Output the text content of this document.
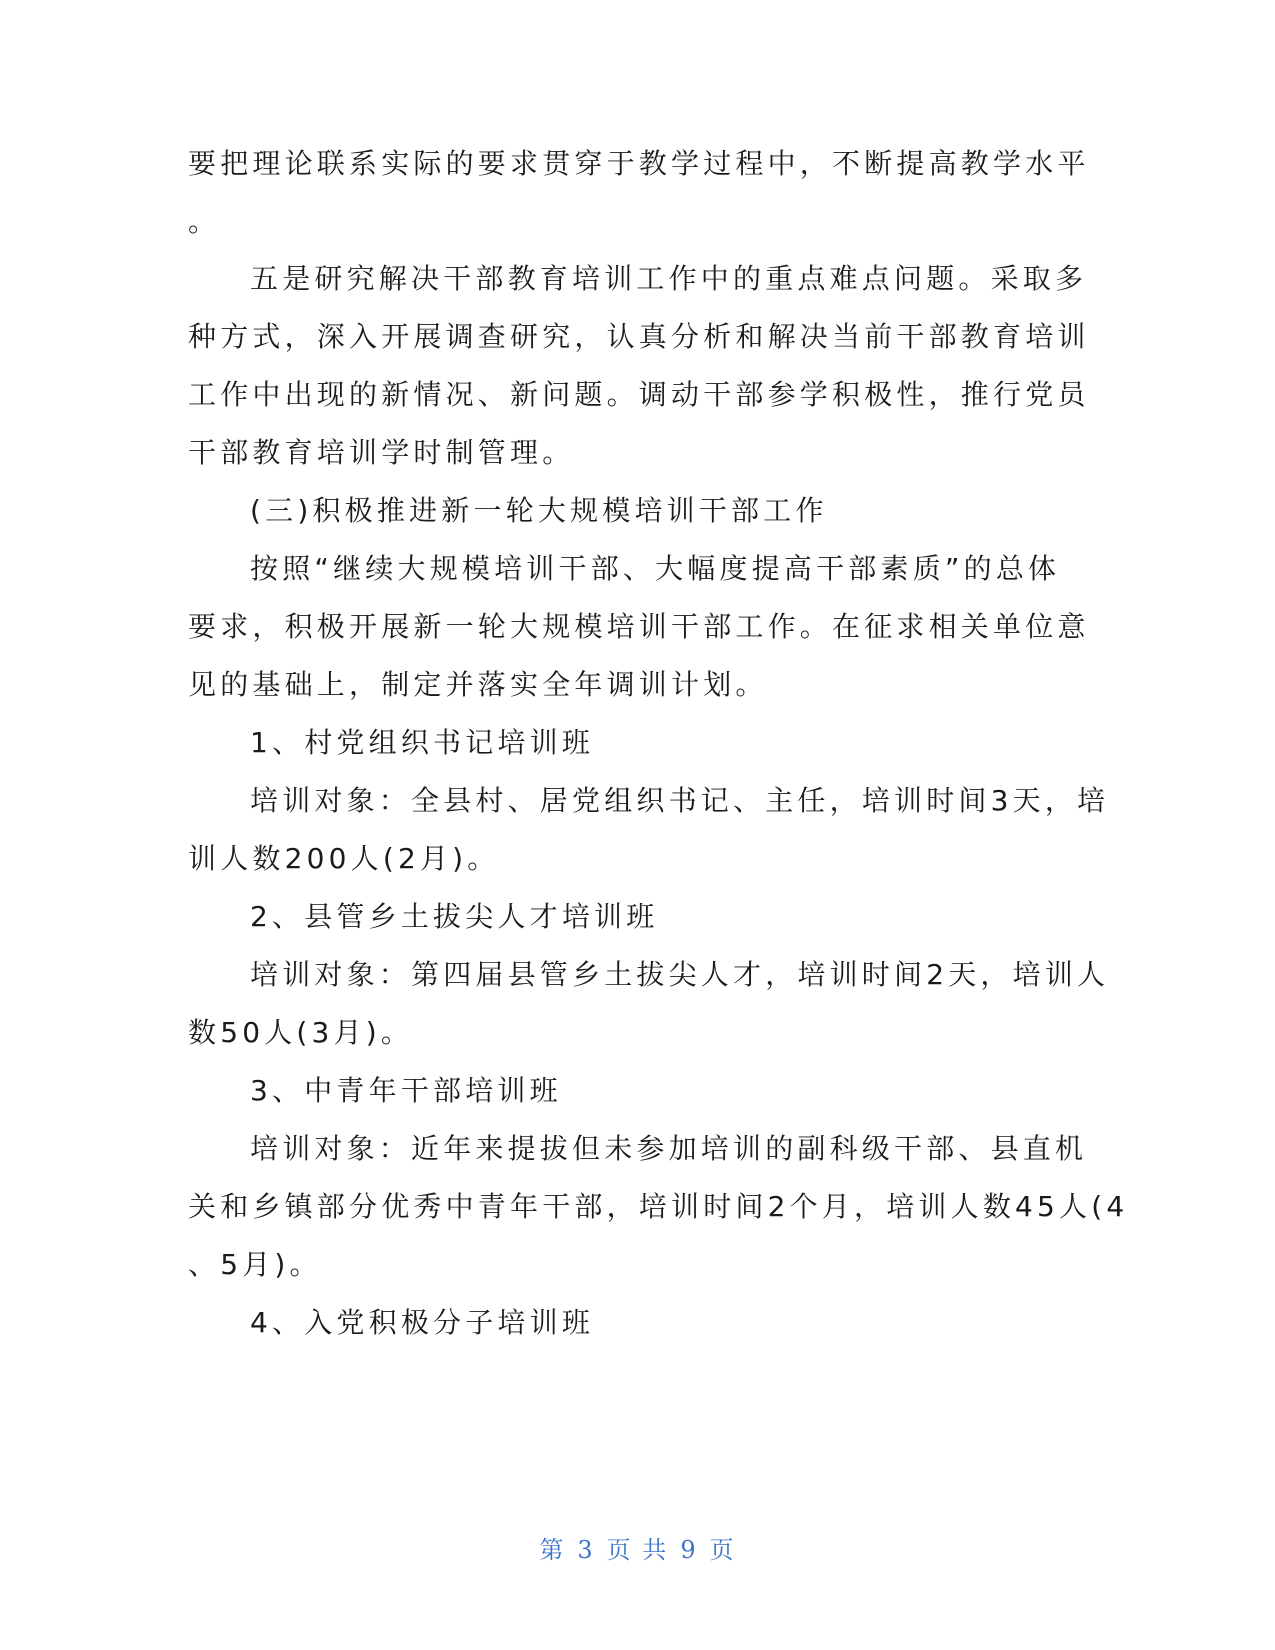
要把理论联系实际的要求贯穿于教学过程中，不断提高教学水平
。
五是研究解决干部教育培训工作中的重点难点问题。采取多
种方式，深入开展调查研究，认真分析和解决当前干部教育培训
工作中出现的新情况、新问题。调动干部参学积极性，推行党员
干部教育培训学时制管理。
(三)积极推进新一轮大规模培训干部工作
按照“继续大规模培训干部、大幅度提高干部素质”的总体
要求，积极开展新一轮大规模培训干部工作。在征求相关单位意
见的基础上，制定并落实全年调训计划。
1、村党组织书记培训班
培训对象：全县村、居党组织书记、主任，培训时间3天，培
训人数200人(2月)。
2、县管乡土拔尖人才培训班
培训对象：第四届县管乡土拔尖人才，培训时间2天，培训人
数50人(3月)。
3、中青年干部培训班
培训对象：近年来提拔但未参加培训的副科级干部、县直机
关和乡镇部分优秀中青年干部，培训时间2个月，培训人数45人(4
、5月)。
4、入党积极分子培训班
第 3 页 共 9 页
